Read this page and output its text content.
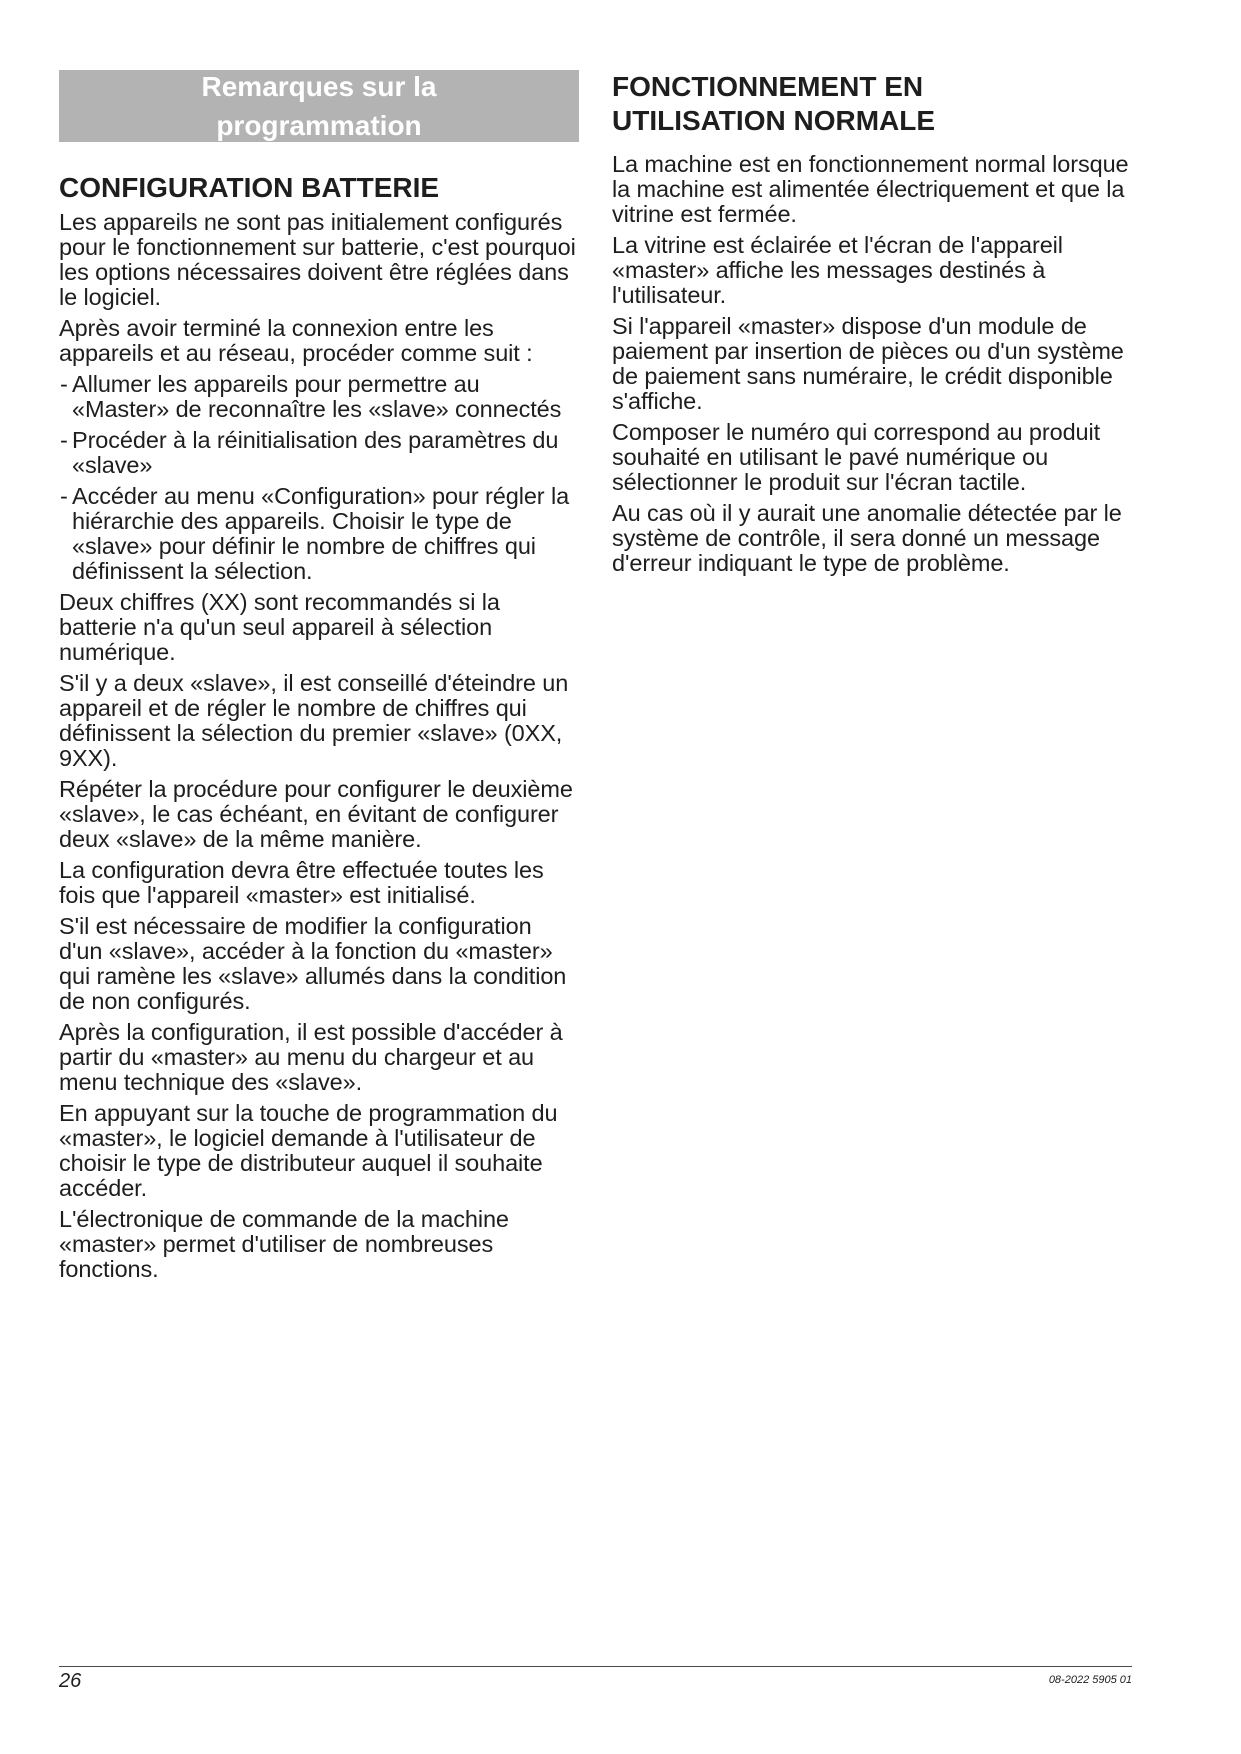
Remarques sur la
programmation
CONFIGURATION BATTERIE

Les appareils ne sont pas initialement configurés pour le fonctionnement sur batterie, c'est pourquoi les options nécessaires doivent être réglées dans le logiciel.

Après avoir terminé la connexion entre les appareils et au réseau, procéder comme suit :

- Allumer les appareils pour permettre au «Master» de reconnaître les «slave» connectés
- Procéder à la réinitialisation des paramètres du «slave»
- Accéder au menu «Configuration» pour régler la hiérarchie des appareils. Choisir le type de «slave» pour définir le nombre de chiffres qui définissent la sélection.

Deux chiffres (XX) sont recommandés si la batterie n'a qu'un seul appareil à sélection numérique.

S'il y a deux «slave», il est conseillé d'éteindre un appareil et de régler le nombre de chiffres qui définissent la sélection du premier «slave» (0XX, 9XX).

Répéter la procédure pour configurer le deuxième «slave», le cas échéant, en évitant de configurer deux «slave» de la même manière.

La configuration devra être effectuée toutes les fois que l'appareil «master» est initialisé.

S'il est nécessaire de modifier la configuration d'un «slave», accéder à la fonction du «master» qui ramène les «slave» allumés dans la condition de non configurés.

Après la configuration, il est possible d'accéder à partir du «master» au menu du chargeur et au menu technique des «slave».

En appuyant sur la touche de programmation du «master», le logiciel demande à l'utilisateur de choisir le type de distributeur auquel il souhaite accéder.

L'électronique de commande de la machine «master» permet d'utiliser de nombreuses fonctions.

FONCTIONNEMENT EN
UTILISATION NORMALE

La machine est en fonctionnement normal lorsque la machine est alimentée électriquement et que la vitrine est fermée.

La vitrine est éclairée et l'écran de l'appareil «master» affiche les messages destinés à l'utilisateur.

Si l'appareil «master» dispose d'un module de paiement par insertion de pièces ou d'un système de paiement sans numéraire, le crédit disponible s'affiche.

Composer le numéro qui correspond au produit souhaité en utilisant le pavé numérique ou sélectionner le produit sur l'écran tactile.

Au cas où il y aurait une anomalie détectée par le système de contrôle, il sera donné un message d'erreur indiquant le type de problème.

26	08-2022 5905 01
